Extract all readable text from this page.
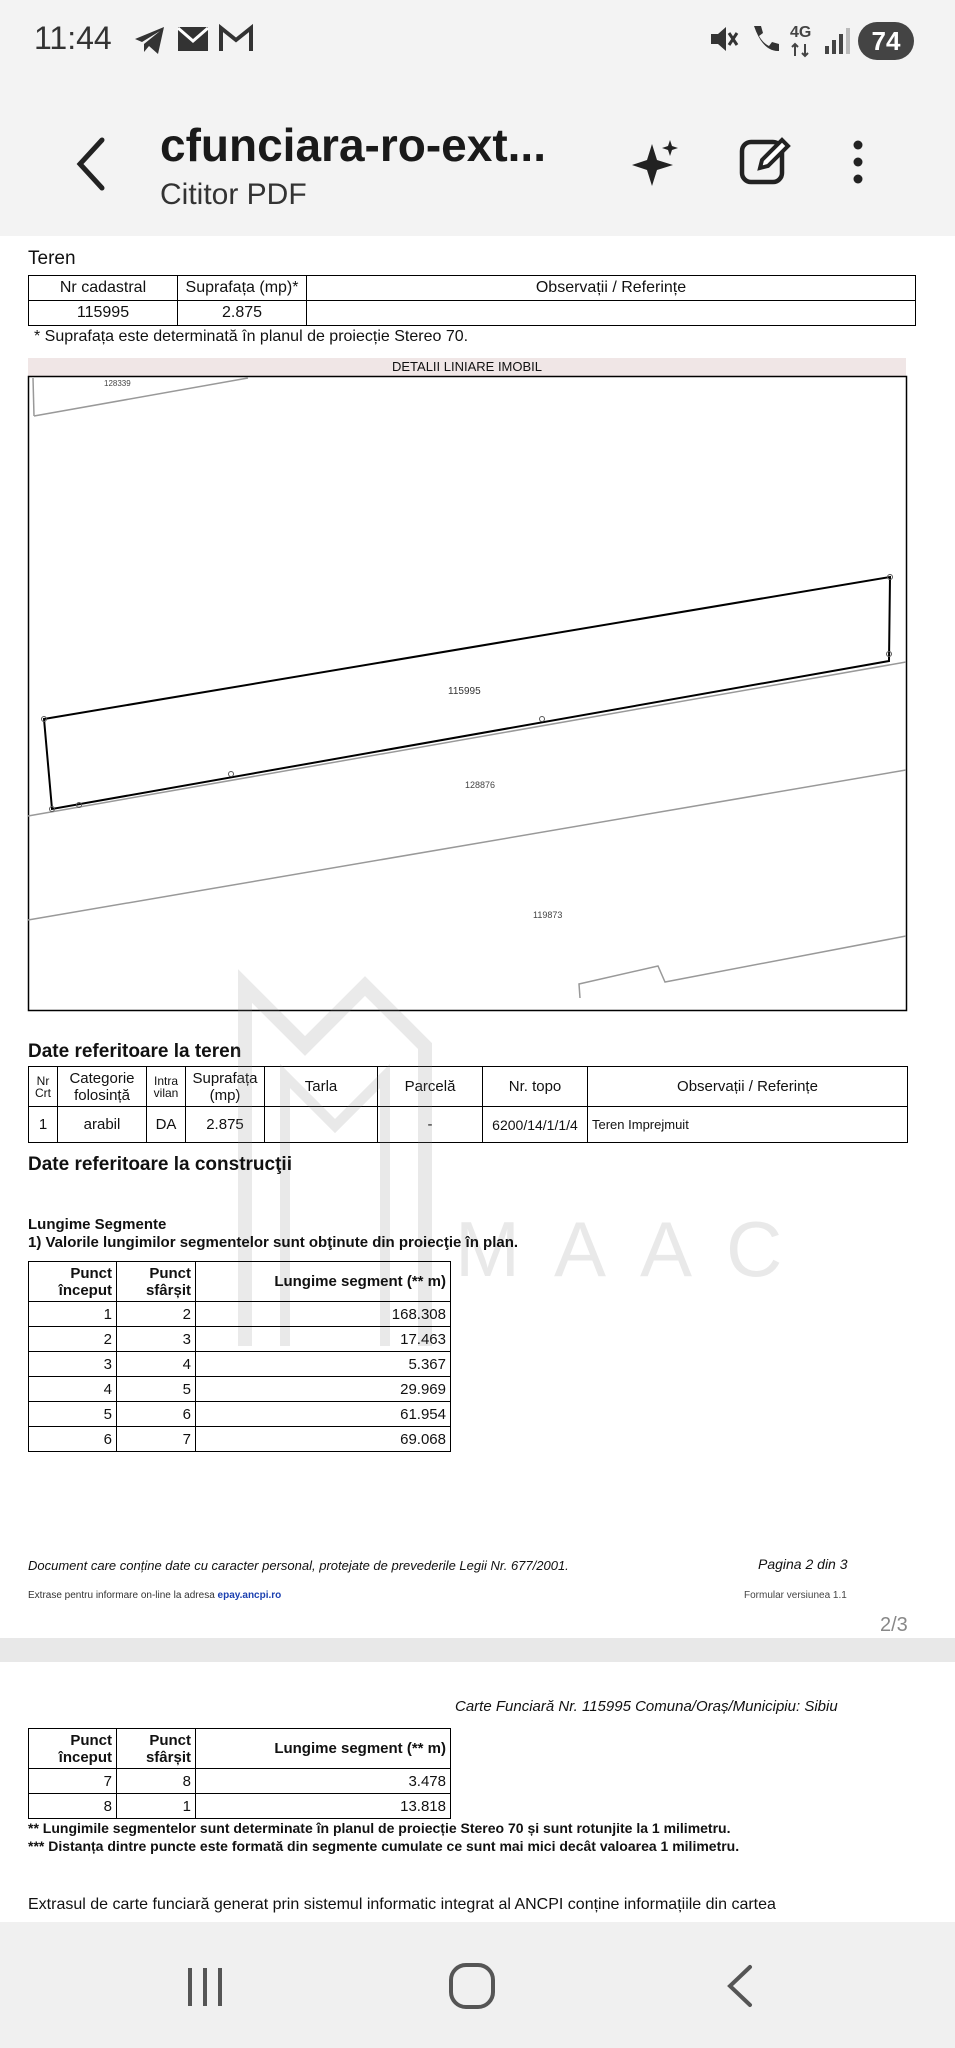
11:44	4G	74
cfunciara-ro-ext...
Cititor PDF
Teren
Nr cadastral	Suprafața (mp)*	Observații / Referințe
115995	2.875	
* Suprafața este determinată în planul de proiecție Stereo 70.
DETALII LINIARE IMOBIL
128339
115995
128876
119873
Date referitoare la teren
Nr Crt	Categorie folosință	Intra vilan	Suprafața (mp)	Tarla	Parcelă	Nr. topo	Observații / Referințe
1	arabil	DA	2.875		-	6200/14/1/1/4	Teren Imprejmuit
MAAC
Date referitoare la construcţii
Lungime Segmente
1) Valorile lungimilor segmentelor sunt obţinute din proiecţie în plan.
Punct început	Punct sfârșit	Lungime segment (** m)
1	2	168.308
2	3	17.463
3	4	5.367
4	5	29.969
5	6	61.954
6	7	69.068
Document care conține date cu caracter personal, protejate de prevederile Legii Nr. 677/2001.	Pagina 2 din 3
Extrase pentru informare on-line la adresa epay.ancpi.ro	Formular versiunea 1.1
2/3
Carte Funciară Nr. 115995 Comuna/Oraș/Municipiu: Sibiu
Punct început	Punct sfârșit	Lungime segment (** m)
7	8	3.478
8	1	13.818
** Lungimile segmentelor sunt determinate în planul de proiecție Stereo 70 și sunt rotunjite la 1 milimetru.
*** Distanța dintre puncte este formată din segmente cumulate ce sunt mai mici decât valoarea 1 milimetru.
Extrasul de carte funciară generat prin sistemul informatic integrat al ANCPI conține informațiile din cartea
